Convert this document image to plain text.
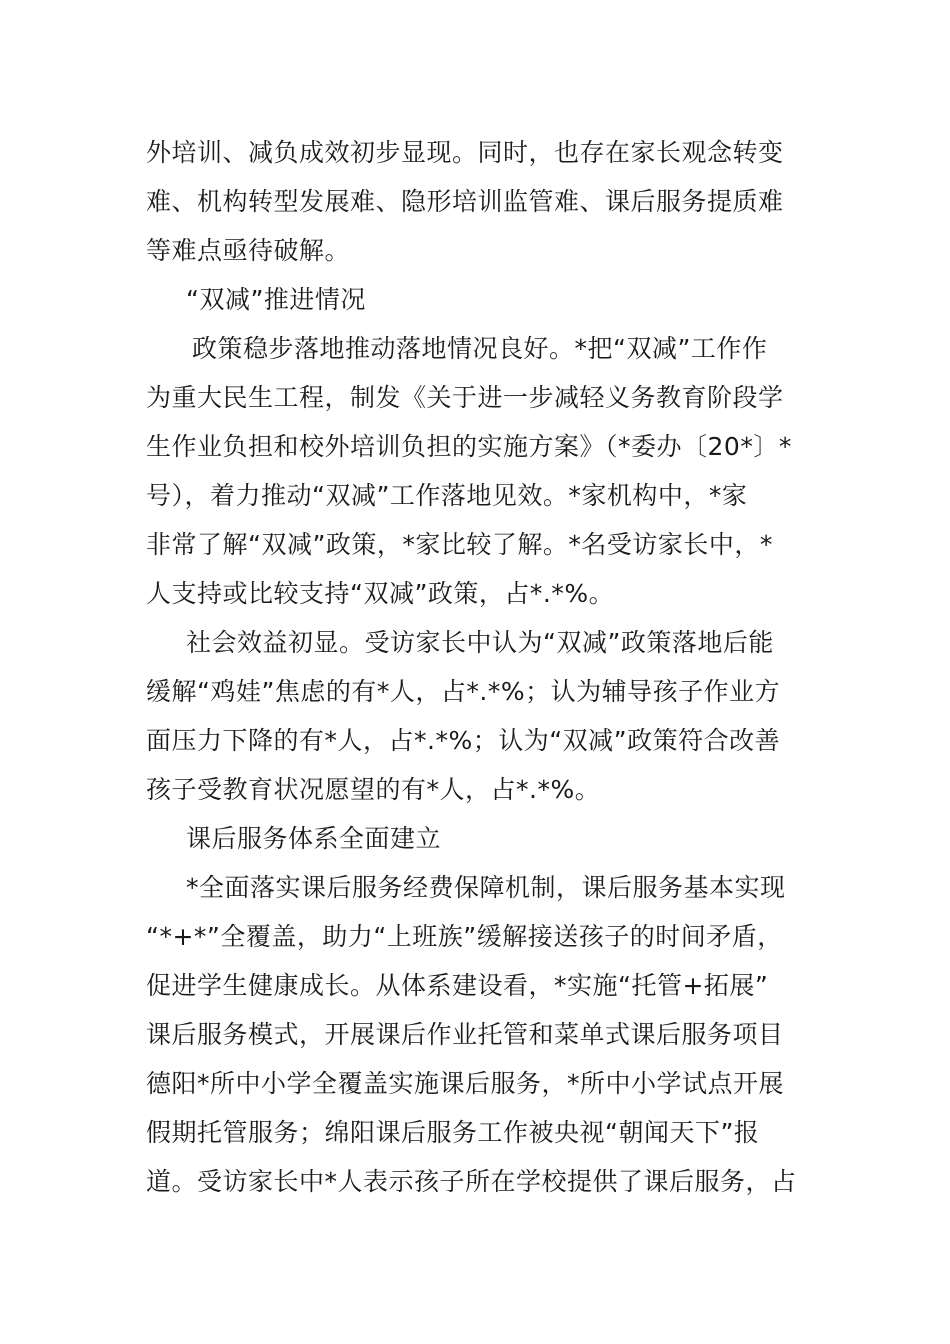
外培训、减负成效初步显现。同时，也存在家长观念转变
难、机构转型发展难、隐形培训监管难、课后服务提质难
等难点亟待破解。
“双减”推进情况
政策稳步落地推动落地情况良好。*把“双减”工作作
为重大民生工程，制发《关于进一步减轻义务教育阶段学
生作业负担和校外培训负担的实施方案》（*委办〔20*〕*
号），着力推动“双减”工作落地见效。*家机构中，*家
非常了解“双减”政策，*家比较了解。*名受访家长中，*
人支持或比较支持“双减”政策，占*.*%。
社会效益初显。受访家长中认为“双减”政策落地后能
缓解“鸡娃”焦虑的有*人，占*.*%；认为辅导孩子作业方
面压力下降的有*人，占*.*%；认为“双减”政策符合改善
孩子受教育状况愿望的有*人，占*.*%。
课后服务体系全面建立
*全面落实课后服务经费保障机制，课后服务基本实现
“*+*”全覆盖，助力“上班族”缓解接送孩子的时间矛盾，
促进学生健康成长。从体系建设看，*实施“托管+拓展”
课后服务模式，开展课后作业托管和菜单式课后服务项目
德阳*所中小学全覆盖实施课后服务，*所中小学试点开展
假期托管服务；绵阳课后服务工作被央视“朝闻天下”报
道。受访家长中*人表示孩子所在学校提供了课后服务，占
